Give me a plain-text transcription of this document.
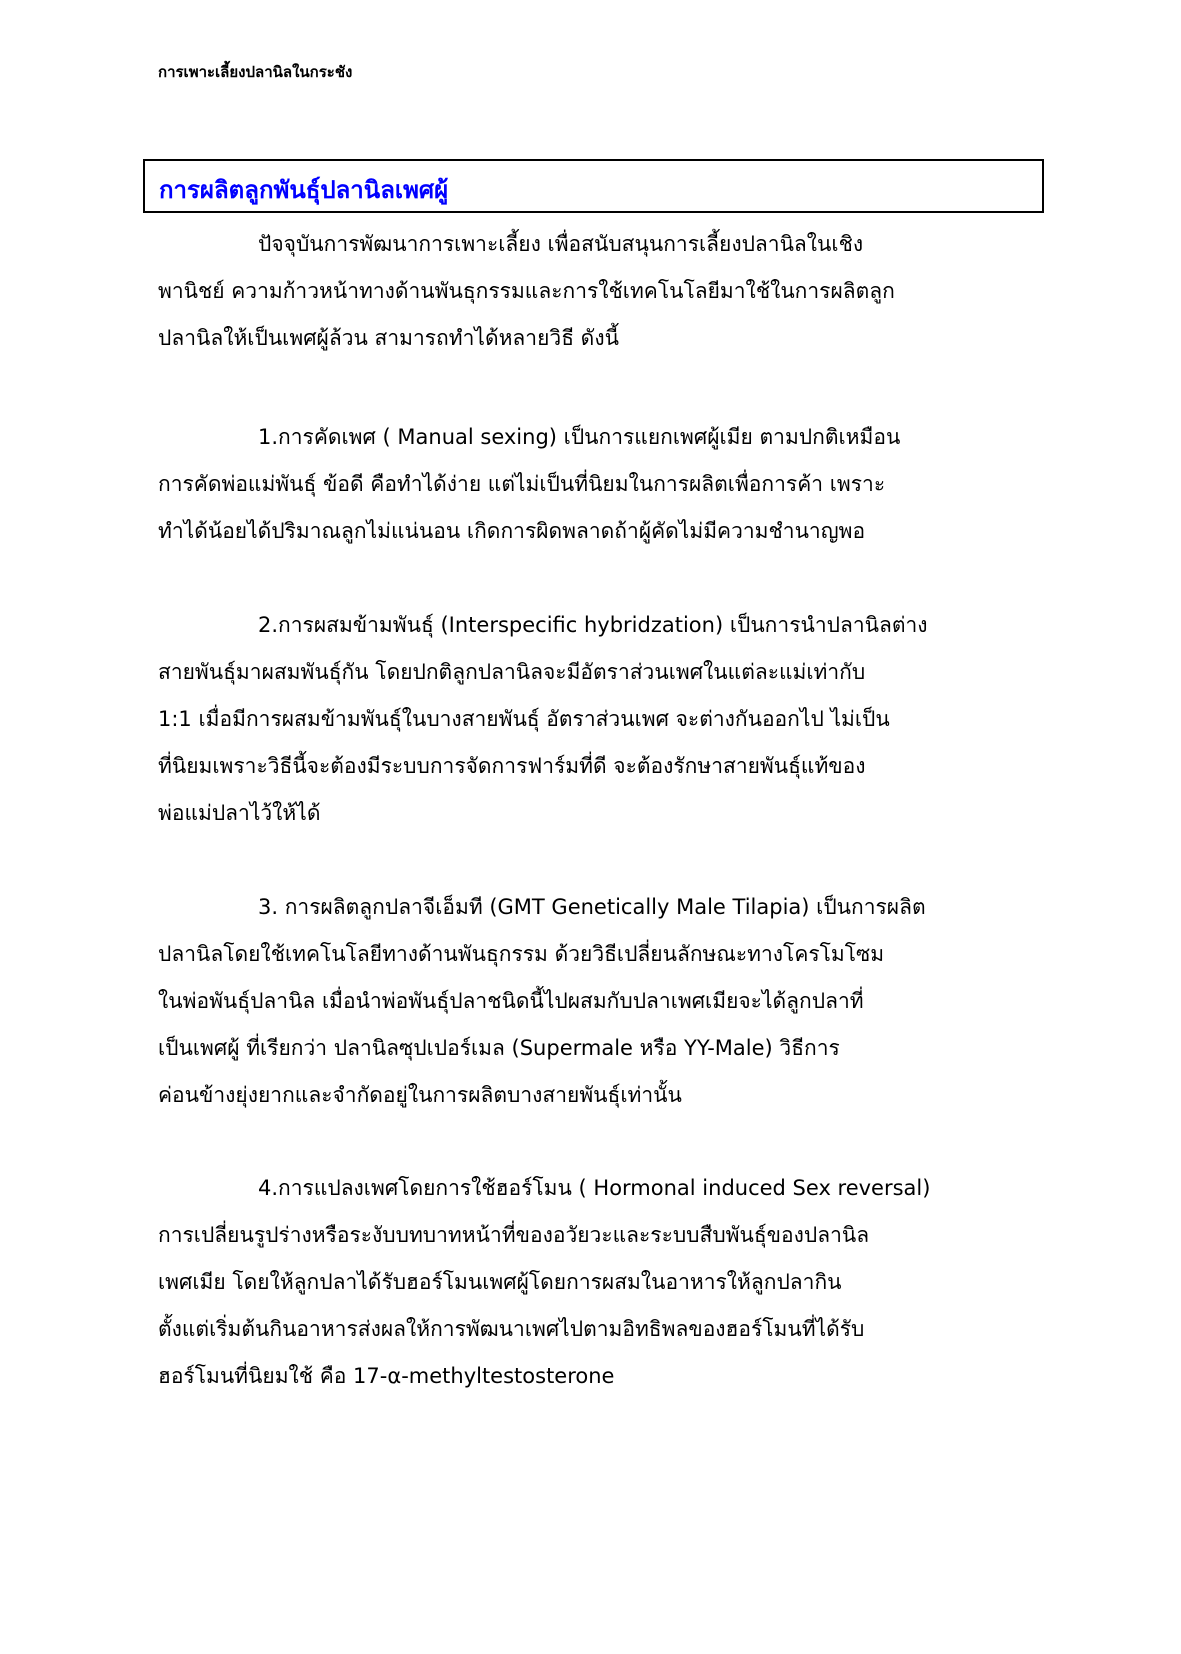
การเพาะเลี้ยงปลานิลในกระชัง
การผลิตลูกพันธุ์ปลานิลเพศผู้
ปัจจุบันการพัฒนาการเพาะเลี้ยง เพื่อสนับสนุนการเลี้ยงปลานิลในเชิง
พานิชย์ ความก้าวหน้าทางด้านพันธุกรรมและการใช้เทคโนโลยีมาใช้ในการผลิตลูก
ปลานิลให้เป็นเพศผู้ล้วน สามารถทำได้หลายวิธี ดังนี้
1.การคัดเพศ ( Manual sexing) เป็นการแยกเพศผู้เมีย ตามปกติเหมือน
การคัดพ่อแม่พันธุ์ ข้อดี คือทำได้ง่าย แต่ไม่เป็นที่นิยมในการผลิตเพื่อการค้า เพราะ
ทำได้น้อยได้ปริมาณลูกไม่แน่นอน เกิดการผิดพลาดถ้าผู้คัดไม่มีความชำนาญพอ
2.การผสมข้ามพันธุ์ (Interspecific hybridzation) เป็นการนำปลานิลต่าง
สายพันธุ์มาผสมพันธุ์กัน โดยปกติลูกปลานิลจะมีอัตราส่วนเพศในแต่ละแม่เท่ากับ
1:1 เมื่อมีการผสมข้ามพันธุ์ในบางสายพันธุ์ อัตราส่วนเพศ จะต่างกันออกไป ไม่เป็น
ที่นิยมเพราะวิธีนี้จะต้องมีระบบการจัดการฟาร์มที่ดี จะต้องรักษาสายพันธุ์แท้ของ
พ่อแม่ปลาไว้ให้ได้
3. การผลิตลูกปลาจีเอ็มที (GMT Genetically Male Tilapia) เป็นการผลิต
ปลานิลโดยใช้เทคโนโลยีทางด้านพันธุกรรม ด้วยวิธีเปลี่ยนลักษณะทางโครโมโซม
ในพ่อพันธุ์ปลานิล เมื่อนำพ่อพันธุ์ปลาชนิดนี้ไปผสมกับปลาเพศเมียจะได้ลูกปลาที่
เป็นเพศผู้ ที่เรียกว่า ปลานิลซุปเปอร์เมล (Supermale หรือ YY-Male) วิธีการ
ค่อนข้างยุ่งยากและจำกัดอยู่ในการผลิตบางสายพันธุ์เท่านั้น
4.การแปลงเพศโดยการใช้ฮอร์โมน ( Hormonal induced Sex reversal)
การเปลี่ยนรูปร่างหรือระงับบทบาทหน้าที่ของอวัยวะและระบบสืบพันธุ์ของปลานิล
เพศเมีย โดยให้ลูกปลาได้รับฮอร์โมนเพศผู้โดยการผสมในอาหารให้ลูกปลากิน
ตั้งแต่เริ่มต้นกินอาหารส่งผลให้การพัฒนาเพศไปตามอิทธิพลของฮอร์โมนที่ได้รับ
ฮอร์โมนที่นิยมใช้ คือ 17-α-methyltestosterone
